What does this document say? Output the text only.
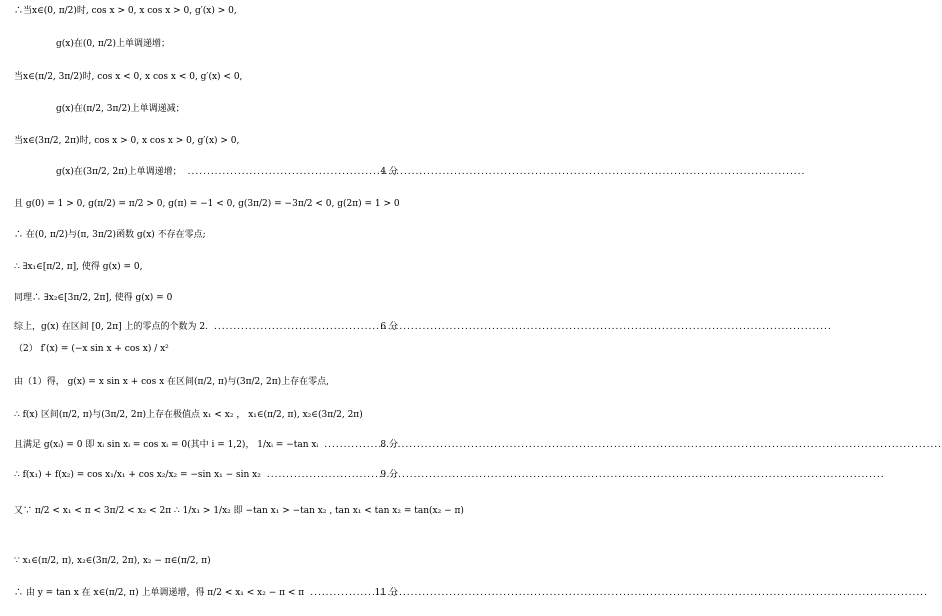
∴当x∈(0, π/2)时, cos x > 0, x cos x > 0, g′(x) > 0,
g(x)在(0, π/2)上单调递增；
当x∈(π/2, 3π/2)时, cos x < 0, x cos x < 0, g′(x) < 0,
g(x)在(π/2, 3π/2)上单调递减；
当x∈(3π/2, 2π)时, cos x > 0, x cos x > 0, g′(x) > 0,
g(x)在(3π/2, 2π)上单调递增； .....	4 分
且 g(0) = 1 > 0, g(π/2) = π/2 > 0, g(π) = −1 < 0, g(3π/2) = −3π/2 < 0, g(2π) = 1 > 0
∴ 在(0, π/2)与(π, 3π/2)函数 g(x) 不存在零点;
∴ ∃x₁∈[π/2, π], 使得 g(x) = 0,
同理∴ ∃x₂∈[3π/2, 2π], 使得 g(x) = 0
综上，g(x) 在区间 [0, 2π] 上的零点的个数为 2. .....	6 分
（2） f′(x) = (−x sin x + cos x) / x²
由（1）得， g(x) = x sin x + cos x 在区间(π/2, π)与(3π/2, 2π)上存在零点,
∴ f(x) 区间(π/2, π)与(3π/2, 2π)上存在极值点 x₁ < x₂ ， x₁∈(π/2, π), x₂∈(3π/2, 2π)
且满足 g(xᵢ) = 0 即 xᵢ sin xᵢ = cos xᵢ = 0(其中 i = 1,2)， 1/xᵢ = −tan xᵢ .....	8 分
∴ f(x₁) + f(x₂) = cos x₁/x₁ + cos x₂/x₂ = −sin x₁ − sin x₂ .....	9 分
又∵ π/2 < x₁ < π < 3π/2 < x₂ < 2π ∴ 1/x₁ > 1/x₂ 即 −tan x₁ > −tan x₂ , tan x₁ < tan x₂ = tan(x₂ − π)
∵ x₁∈(π/2, π), x₂∈(3π/2, 2π), x₂ − π∈(π/2, π)
∴ 由 y = tan x 在 x∈(π/2, π) 上单调递增，得 π/2 < x₁ < x₂ − π < π .....	11 分
